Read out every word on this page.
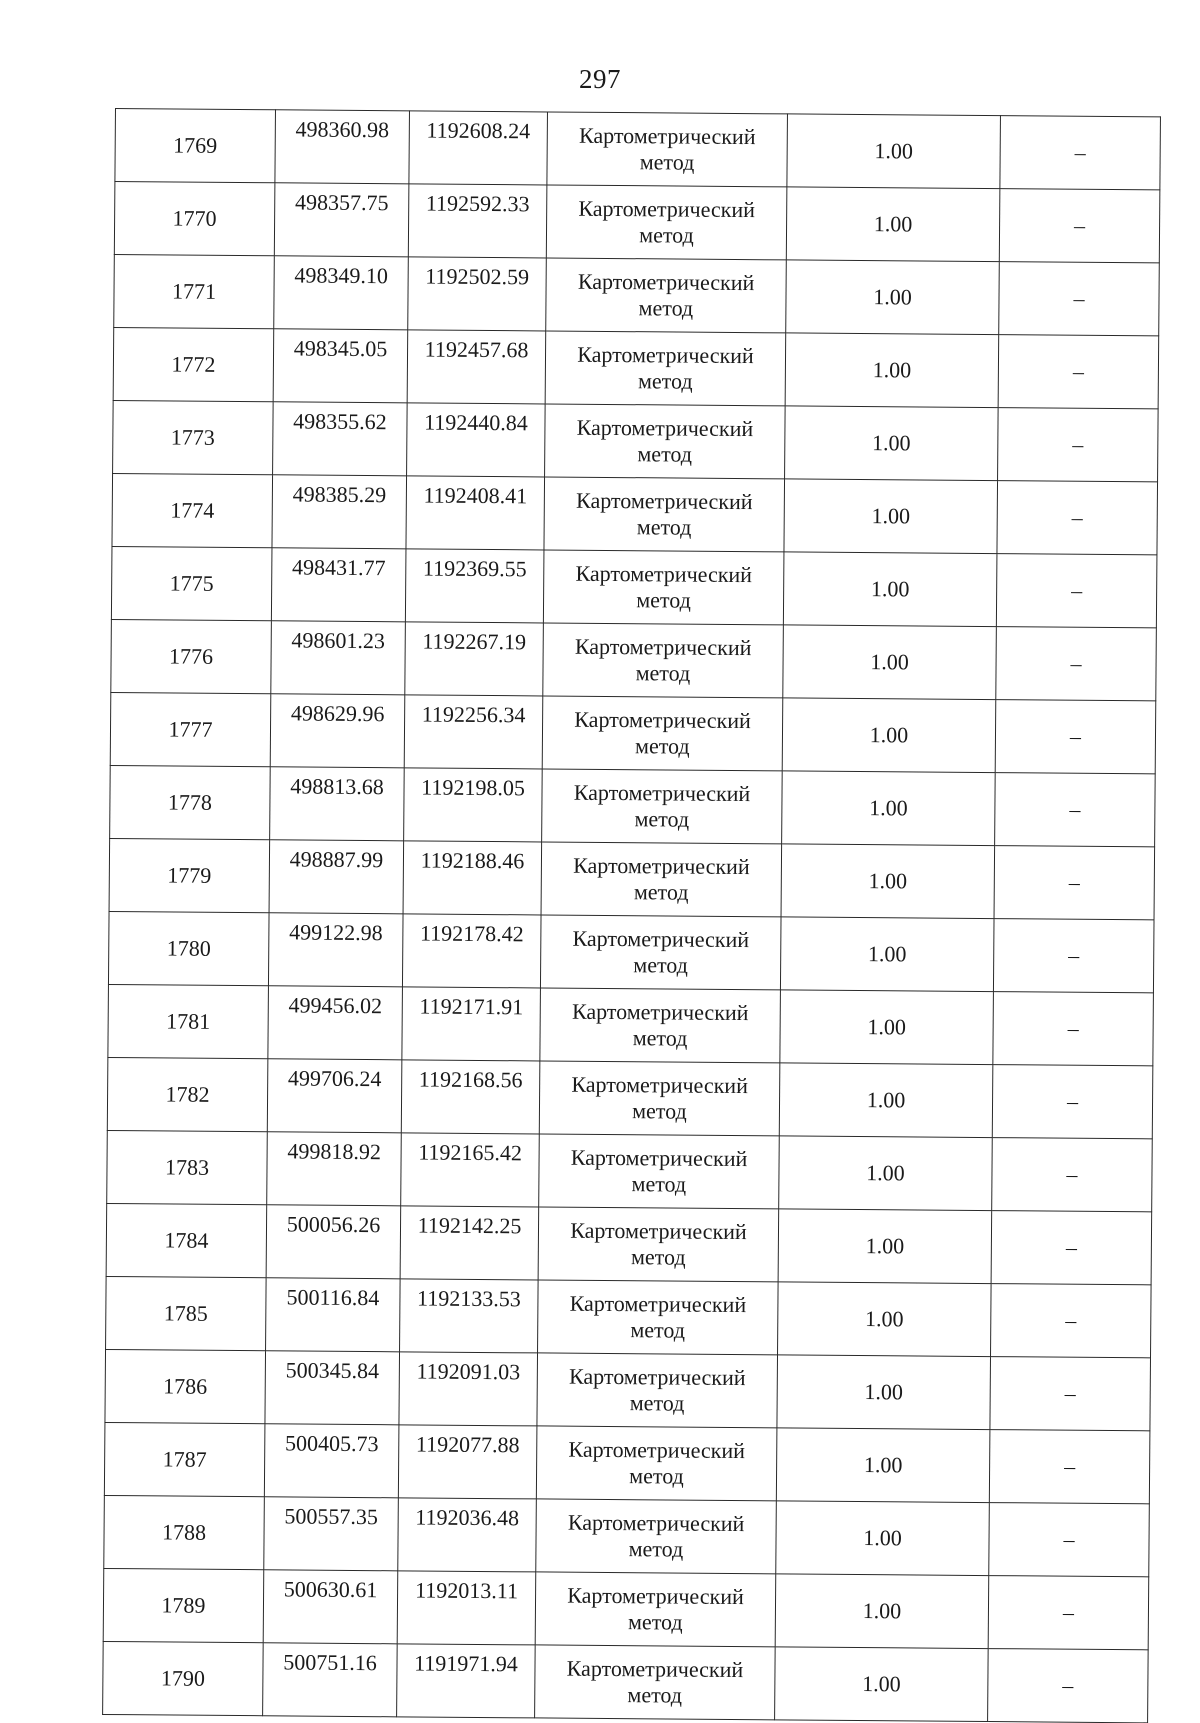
297
1769	498360.98	1192608.24	Картометрический
метод	1.00	–
1770	498357.75	1192592.33	Картометрический
метод	1.00	–
1771	498349.10	1192502.59	Картометрический
метод	1.00	–
1772	498345.05	1192457.68	Картометрический
метод	1.00	–
1773	498355.62	1192440.84	Картометрический
метод	1.00	–
1774	498385.29	1192408.41	Картометрический
метод	1.00	–
1775	498431.77	1192369.55	Картометрический
метод	1.00	–
1776	498601.23	1192267.19	Картометрический
метод	1.00	–
1777	498629.96	1192256.34	Картометрический
метод	1.00	–
1778	498813.68	1192198.05	Картометрический
метод	1.00	–
1779	498887.99	1192188.46	Картометрический
метод	1.00	–
1780	499122.98	1192178.42	Картометрический
метод	1.00	–
1781	499456.02	1192171.91	Картометрический
метод	1.00	–
1782	499706.24	1192168.56	Картометрический
метод	1.00	–
1783	499818.92	1192165.42	Картометрический
метод	1.00	–
1784	500056.26	1192142.25	Картометрический
метод	1.00	–
1785	500116.84	1192133.53	Картометрический
метод	1.00	–
1786	500345.84	1192091.03	Картометрический
метод	1.00	–
1787	500405.73	1192077.88	Картометрический
метод	1.00	–
1788	500557.35	1192036.48	Картометрический
метод	1.00	–
1789	500630.61	1192013.11	Картометрический
метод	1.00	–
1790	500751.16	1191971.94	Картометрический
метод	1.00	–
